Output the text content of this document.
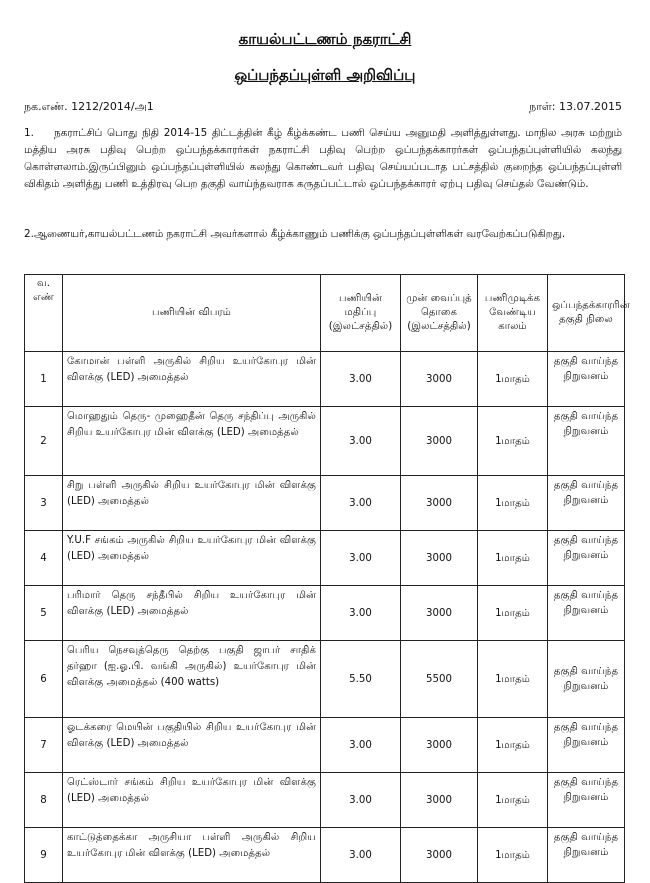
காயல்பட்டணம் நகராட்சி
ஒப்பந்தப்புள்ளி அறிவிப்பு
நக.எண். 1212/2014/அ1	நாள்: 13.07.2015
1. நகராட்சிப் பொது நிதி 2014-15 திட்டத்தின் கீழ் கீழ்க்கண்ட பணி செய்ய அனுமதி அளித்துள்ளது. மாநில அரசு மற்றும் மத்திய அரசு பதிவு பெற்ற ஒப்பந்தக்காரர்கள் நகராட்சி பதிவு பெற்ற ஒப்பந்தக்காரர்கள் ஒப்பந்தப்புள்ளியில் கலந்து கொள்ளலாம்.இருப்பினும் ஒப்பந்தப்புள்ளியில் கலந்து கொண்டவர் பதிவு செய்யப்படாத பட்சத்தில் குறைந்த ஒப்பந்தப்புள்ளி விகிதம் அளித்து பணி உத்திரவு பெற தகுதி வாய்ந்தவராக கருதப்பட்டால் ஒப்பந்தக்காரர் ஏற்பு பதிவு செய்தல் வேண்டும்.
2.ஆணையர்,காயல்பட்டணம் நகராட்சி அவர்களால் கீழ்க்காணும் பணிக்கு ஒப்பந்தப்புள்ளிகள் வரவேற்கப்படுகிறது.
வ. எண்	பணியின் விபரம்	பணியின் மதிப்பு (இலட்சத்தில்)	முன் வைப்புத் தொகை (இலட்சத்தில்)	பணிமுடிக்க வேண்டிய காலம்	ஒப்பந்தக்காரரின் தகுதி நிலை
1	கோமான் பள்ளி அருகில் சிறிய உயர்கோபுர மின் விளக்கு (LED) அமைத்தல்	3.00	3000	1மாதம்	தகுதி வாய்ந்த நிறுவனம்
2	மொஹதும் தெரு- முஹைதீன் தெரு சந்திப்பு அருகில் சிறிய உயர்கோபுர மின் விளக்கு (LED) அமைத்தல்	3.00	3000	1மாதம்	தகுதி வாய்ந்த நிறுவனம்
3	சிறு பள்ளி அருகில் சிறிய உயர்கோபுர மின் விளக்கு (LED) அமைத்தல்	3.00	3000	1மாதம்	தகுதி வாய்ந்த நிறுவனம்
4	Y.U.F சங்கம் அருகில் சிறிய உயர்கோபுர மின் விளக்கு (LED) அமைத்தல்	3.00	3000	1மாதம்	தகுதி வாய்ந்த நிறுவனம்
5	பரிமார் தெரு சந்தீபில் சிறிய உயர்கோபுர மின் விளக்கு (LED) அமைத்தல்	3.00	3000	1மாதம்	தகுதி வாய்ந்த நிறுவனம்
6	பெரிய நெசவுத்தெரு தெற்கு பகுதி ஜாபர் சாதிக் தர்ஹா (ஐ.ஓ.பி. வங்கி அருகில்) உயர்கோபுர மின் விளக்கு அமைத்தல் (400 watts)	5.50	5500	1மாதம்	தகுதி வாய்ந்த நிறுவனம்
7	ஓடக்கரை மெயின் பகுதியில் சிறிய உயர்கோபுர மின் விளக்கு (LED) அமைத்தல்	3.00	3000	1மாதம்	தகுதி வாய்ந்த நிறுவனம்
8	ரெட்ஸ்டார் சங்கம் சிறிய உயர்கோபுர மின் விளக்கு (LED) அமைத்தல்	3.00	3000	1மாதம்	தகுதி வாய்ந்த நிறுவனம்
9	காட்டுத்தைக்கா அருசியா பள்ளி அருகில் சிறிய உயர்கோபுர மின் விளக்கு (LED) அமைத்தல்	3.00	3000	1மாதம்	தகுதி வாய்ந்த நிறுவனம்
